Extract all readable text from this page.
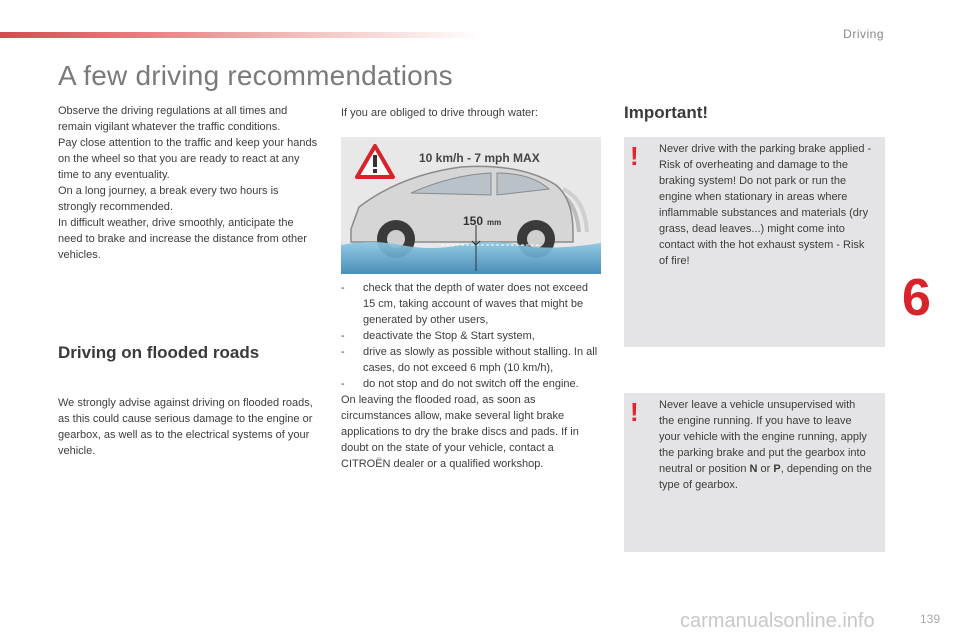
Driving
A few driving recommendations

Observe the driving regulations at all times and remain vigilant whatever the traffic conditions.

Pay close attention to the traffic and keep your hands on the wheel so that you are ready to react at any time to any eventuality.

On a long journey, a break every two hours is strongly recommended.

In difficult weather, drive smoothly, anticipate the need to brake and increase the distance from other vehicles.

Driving on flooded roads

We strongly advise against driving on flooded roads, as this could cause serious damage to the engine or gearbox, as well as to the electrical systems of your vehicle.

If you are obliged to drive through water:
10 km/h - 7 mph MAX
150 mm
- check that the depth of water does not exceed 15 cm, taking account of waves that might be generated by other users,
- deactivate the Stop & Start system,
- drive as slowly as possible without stalling. In all cases, do not exceed 6 mph (10 km/h),
- do not stop and do not switch off the engine.

On leaving the flooded road, as soon as circumstances allow, make several light brake applications to dry the brake discs and pads. If in doubt on the state of your vehicle, contact a CITROËN dealer or a qualified workshop.

Important!
! Never drive with the parking brake applied - Risk of overheating and damage to the braking system! Do not park or run the engine when stationary in areas where inflammable substances and materials (dry grass, dead leaves...) might come into contact with the hot exhaust system - Risk of fire!
! Never leave a vehicle unsupervised with the engine running. If you have to leave your vehicle with the engine running, apply the parking brake and put the gearbox into neutral or position N or P, depending on the type of gearbox.
6
carmanualsonline.info	139
